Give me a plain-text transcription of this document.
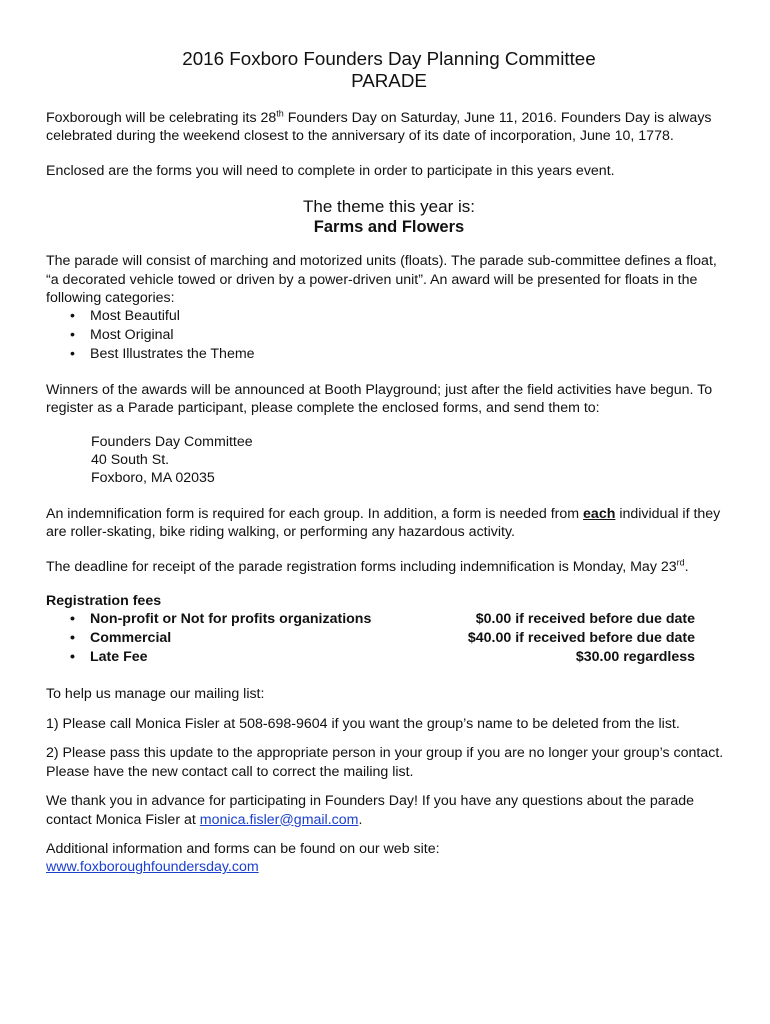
2016 Foxboro Founders Day Planning Committee

PARADE

Foxborough will be celebrating its 28th Founders Day on Saturday, June 11, 2016. Founders Day is always celebrated during the weekend closest to the anniversary of its date of incorporation, June 10, 1778.

Enclosed are the forms you will need to complete in order to participate in this years event.

The theme this year is:

Farms and Flowers

The parade will consist of marching and motorized units (floats). The parade sub-committee defines a float, “a decorated vehicle towed or driven by a power-driven unit”. An award will be presented for floats in the following categories:

• Most Beautiful
• Most Original
• Best Illustrates the Theme

Winners of the awards will be announced at Booth Playground; just after the field activities have begun. To register as a Parade participant, please complete the enclosed forms, and send them to:

Founders Day Committee

40 South St.

Foxboro, MA 02035

An indemnification form is required for each group. In addition, a form is needed from each individual if they are roller-skating, bike riding walking, or performing any hazardous activity.

The deadline for receipt of the parade registration forms including indemnification is Monday, May 23rd.

Registration fees

• Non-profit or Not for profits organizations	$0.00 if received before due date
• Commercial	$40.00 if received before due date
• Late Fee	$30.00 regardless

To help us manage our mailing list:

1) Please call Monica Fisler at 508-698-9604 if you want the group’s name to be deleted from the list.

2) Please pass this update to the appropriate person in your group if you are no longer your group’s contact. Please have the new contact call to correct the mailing list.

We thank you in advance for participating in Founders Day! If you have any questions about the parade contact Monica Fisler at monica.fisler@gmail.com.

Additional information and forms can be found on our web site:

www.foxboroughfoundersday.com
